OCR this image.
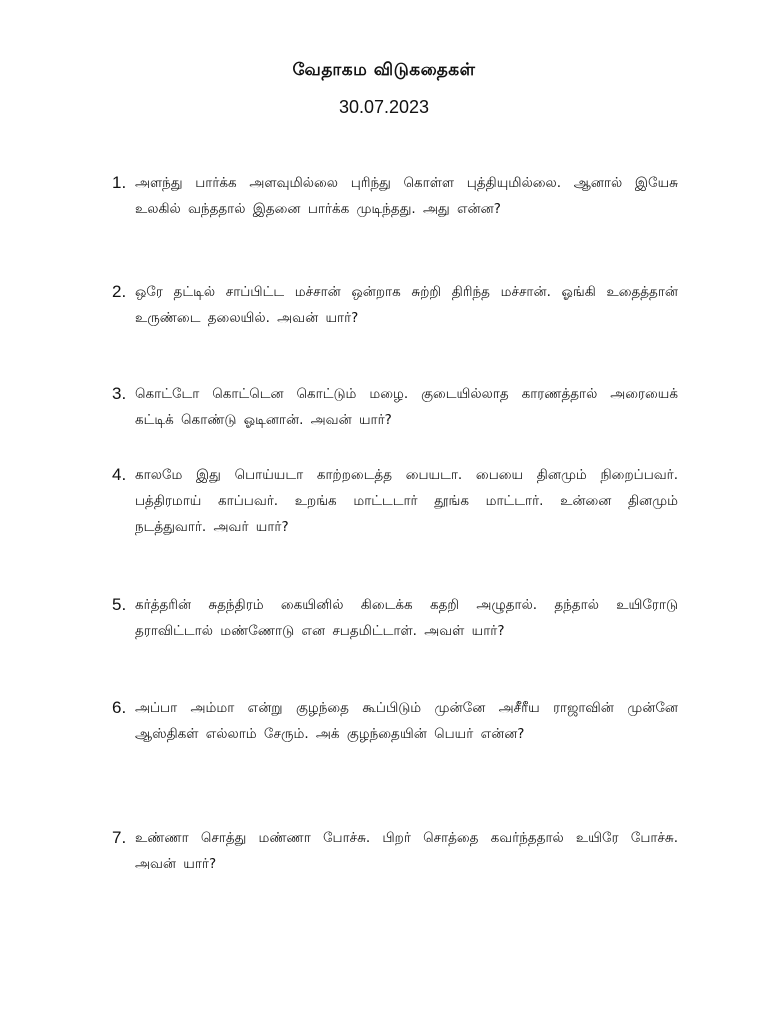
வேதாகம விடுகதைகள்
30.07.2023
1. அளந்து பார்க்க அளவுமில்லை புரிந்து கொள்ள புத்தியுமில்லை. ஆனால் இயேசு உலகில் வந்ததால் இதனை பார்க்க முடிந்தது. அது என்ன?
2. ஒரே தட்டில் சாப்பிட்ட மச்சான் ஒன்றாக சுற்றி திரிந்த மச்சான். ஓங்கி உதைத்தான் உருண்டை தலையில். அவன் யார்?
3. கொட்டோ கொட்டென கொட்டும் மழை. குடையில்லாத காரணத்தால் அரையைக் கட்டிக் கொண்டு ஓடினான். அவன் யார்?
4. காலமே இது பொய்யடா காற்றடைத்த பையடா. பையை தினமும் நிறைப்பவர். பத்திரமாய் காப்பவர். உறங்க மாட்டடார் தூங்க மாட்டார். உன்னை தினமும் நடத்துவார். அவர் யார்?
5. கர்த்தரின் சுதந்திரம் கையினில் கிடைக்க கதறி அழுதால். தந்தால் உயிரோடு தராவிட்டால் மண்ணோடு என சபதமிட்டாள். அவள் யார்?
6. அப்பா அம்மா என்று குழந்தை கூப்பிடும் முன்னே அசீரீய ராஜாவின் முன்னே ஆஸ்திகள் எல்லாம் சேரும். அக் குழந்தையின் பெயர் என்ன?
7. உண்ணா சொத்து மண்ணா போச்சு. பிறர் சொத்தை கவர்ந்ததால் உயிரே போச்சு. அவன் யார்?
